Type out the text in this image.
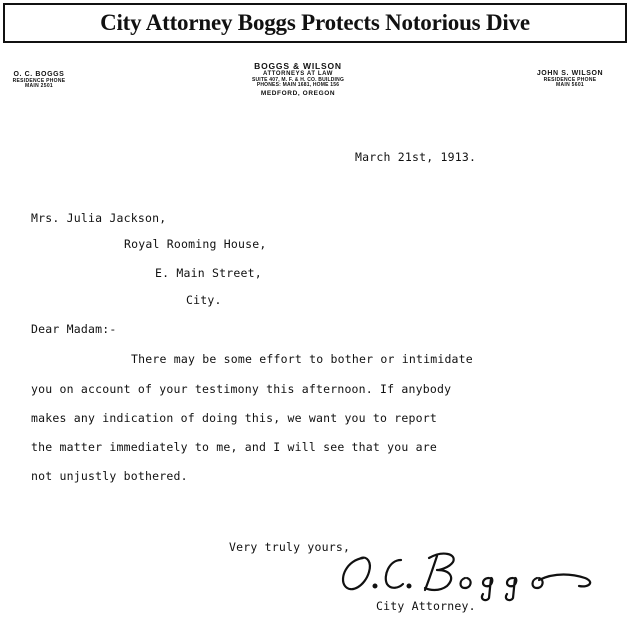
City Attorney Boggs Protects Notorious Dive
O. C. BOGGS
RESIDENCE PHONE
MAIN 2501
BOGGS & WILSON
ATTORNEYS AT LAW
SUITE 407, M. F. & H. CO. BUILDING
PHONES: MAIN 1681, HOME 156
MEDFORD, OREGON
JOHN S. WILSON
RESIDENCE PHONE
MAIN 5601
March 21st, 1913.
Mrs. Julia Jackson,
Royal Rooming House,
E. Main Street,
City.
Dear Madam:-
There may be some effort to bother or intimidate
you on account of your testimony this afternoon. If anybody
makes any indication of doing this, we want you to report
the matter immediately to me, and I will see that you are
not unjustly bothered.
Very truly yours,
City Attorney.
